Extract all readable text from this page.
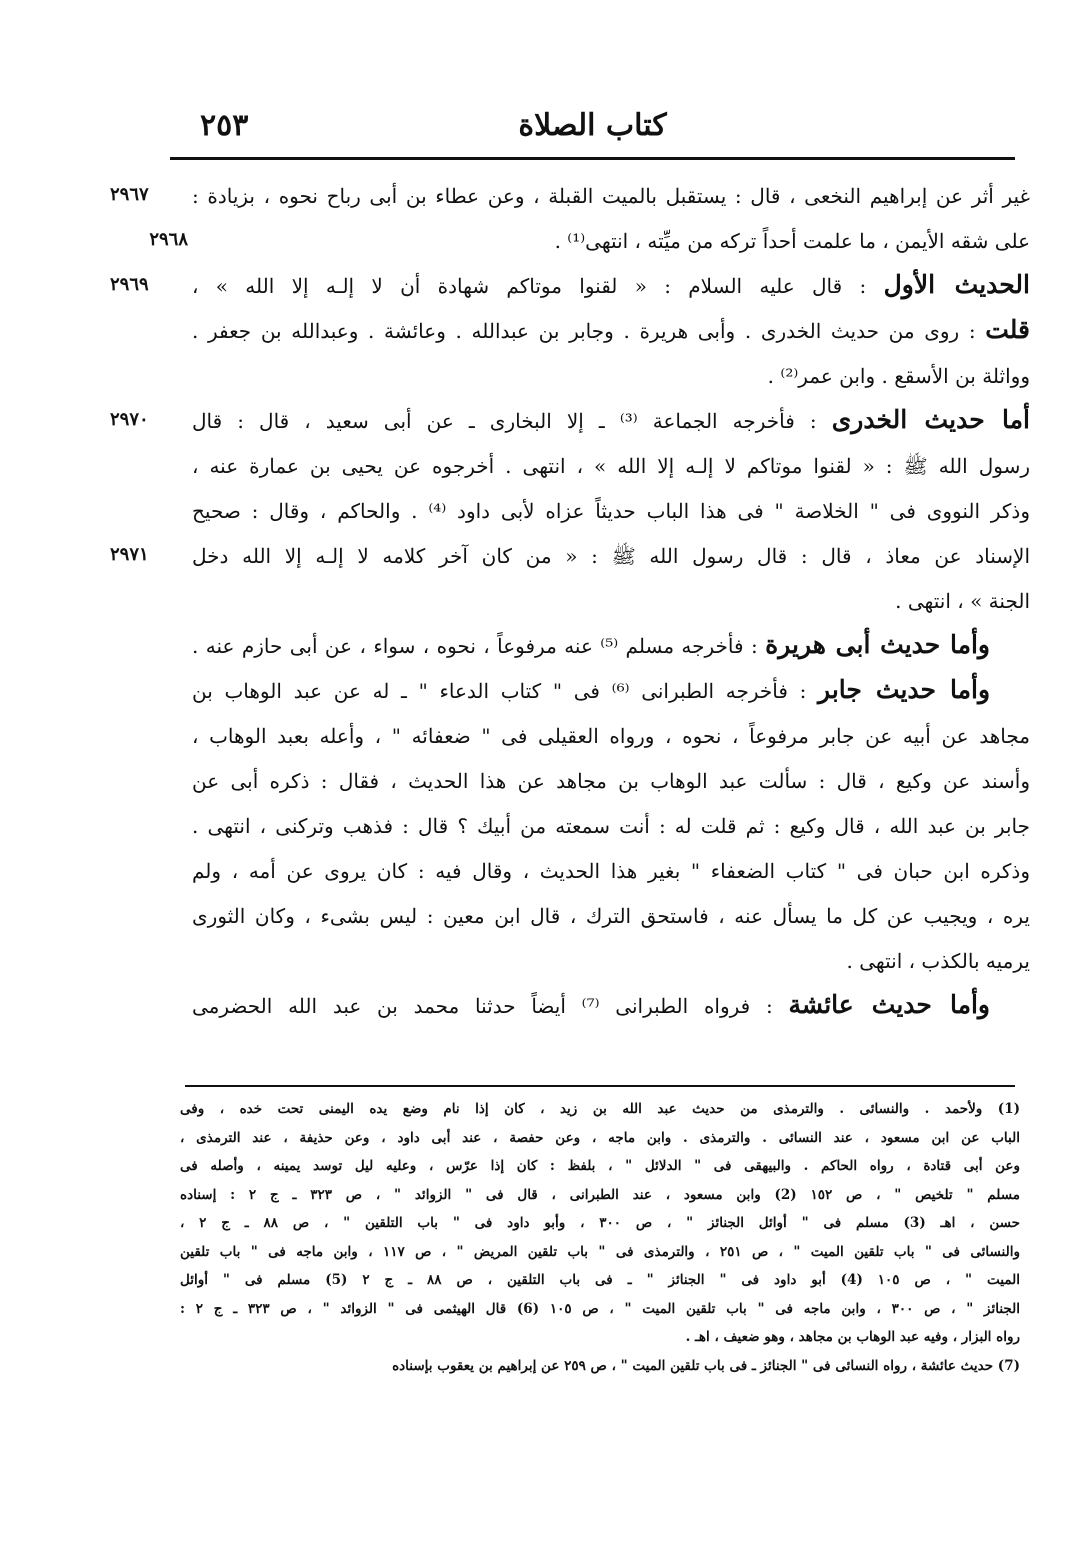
٢٥٣	كتاب الصلاة
غير أثر عن إبراهيم النخعى ، قال : يستقبل بالميت القبلة ، وعن عطاء بن أبى رباح نحوه ، بزيادة :
٢٩٦٧
على شقه الأيمن ، ما علمت أحداً تركه من ميِّته ، انتهى⁽¹⁾ .
٢٩٦٨
الحديث الأول : قال عليه السلام : « لقنوا موتاكم شهادة أن لا إلـه إلا الله » ،
٢٩٦٩
قلت : روى من حديث الخدرى . وأبى هريرة . وجابر بن عبدالله . وعائشة . وعبدالله بن جعفر .
وواثلة بن الأسقع . وابن عمر⁽²⁾ .
أما حديث الخدرى : فأخرجه الجماعة ⁽³⁾ ـ إلا البخارى ـ عن أبى سعيد ، قال : قال
٢٩٧٠
رسول الله ﷺ : « لقنوا موتاكم لا إلـه إلا الله » ، انتهى . أخرجوه عن يحيى بن عمارة عنه ،
وذكر النووى فى " الخلاصة " فى هذا الباب حديثاً عزاه لأبى داود ⁽⁴⁾ . والحاكم ، وقال : صحيح
الإسناد عن معاذ ، قال : قال رسول الله ﷺ : « من كان آخر كلامه لا إلـه إلا الله دخل
٢٩٧١
الجنة » ، انتهى .
وأما حديث أبى هريرة : فأخرجه مسلم ⁽⁵⁾ عنه مرفوعاً ، نحوه ، سواء ، عن أبى حازم عنه .
وأما حديث جابر : فأخرجه الطبرانى ⁽⁶⁾ فى " كتاب الدعاء " ـ له عن عبد الوهاب بن
مجاهد عن أبيه عن جابر مرفوعاً ، نحوه ، ورواه العقيلى فى " ضعفائه " ، وأعله بعبد الوهاب ،
وأسند عن وكيع ، قال : سألت عبد الوهاب بن مجاهد عن هذا الحديث ، فقال : ذكره أبى عن
جابر بن عبد الله ، قال وكيع : ثم قلت له : أنت سمعته من أبيك ؟ قال : فذهب وتركنى ، انتهى .
وذكره ابن حبان فى " كتاب الضعفاء " بغير هذا الحديث ، وقال فيه : كان يروى عن أمه ، ولم
يره ، ويجيب عن كل ما يسأل عنه ، فاستحق الترك ، قال ابن معين : ليس بشىء ، وكان الثورى
يرميه بالكذب ، انتهى .
وأما حديث عائشة : فرواه الطبرانى ⁽⁷⁾ أيضاً حدثنا محمد بن عبد الله الحضرمى
(1) ولأحمد . والنسائى . والترمذى من حديث عبد الله بن زيد ، كان إذا نام وضع يده اليمنى تحت خده ، وفى
الباب عن ابن مسعود ، عند النسائى . والترمذى . وابن ماجه ، وعن حفصة ، عند أبى داود ، وعن حذيفة ، عند الترمذى ،
وعن أبى قتادة ، رواه الحاكم . والبيهقى فى " الدلائل " ، بلفظ : كان إذا عرّس ، وعليه ليل توسد يمينه ، وأصله فى
مسلم " تلخيص " ، ص ١٥٢ (2) وابن مسعود ، عند الطبرانى ، قال فى " الزوائد " ، ص ٣٢٣ ـ ج ٢ : إسناده
حسن ، اهـ (3) مسلم فى " أوائل الجنائز " ، ص ٣٠٠ ، وأبو داود فى " باب التلقين " ، ص ٨٨ ـ ج ٢ ،
والنسائى فى " باب تلقين الميت " ، ص ٢٥١ ، والترمذى فى " باب تلقين المريض " ، ص ١١٧ ، وابن ماجه فى " باب تلقين
الميت " ، ص ١٠٥ (4) أبو داود فى " الجنائز " ـ فى باب التلقين ، ص ٨٨ ـ ج ٢ (5) مسلم فى " أوائل
الجنائز " ، ص ٣٠٠ ، وابن ماجه فى " باب تلقين الميت " ، ص ١٠٥ (6) قال الهيثمى فى " الزوائد " ، ص ٣٢٣ ـ ج ٢ :
رواه البزار ، وفيه عبد الوهاب بن مجاهد ، وهو ضعيف ، اهـ .
(7) حديث عائشة ، رواه النسائى فى " الجنائز ـ فى باب تلقين الميت " ، ص ٢٥٩ عن إبراهيم بن يعقوب بإسناده
